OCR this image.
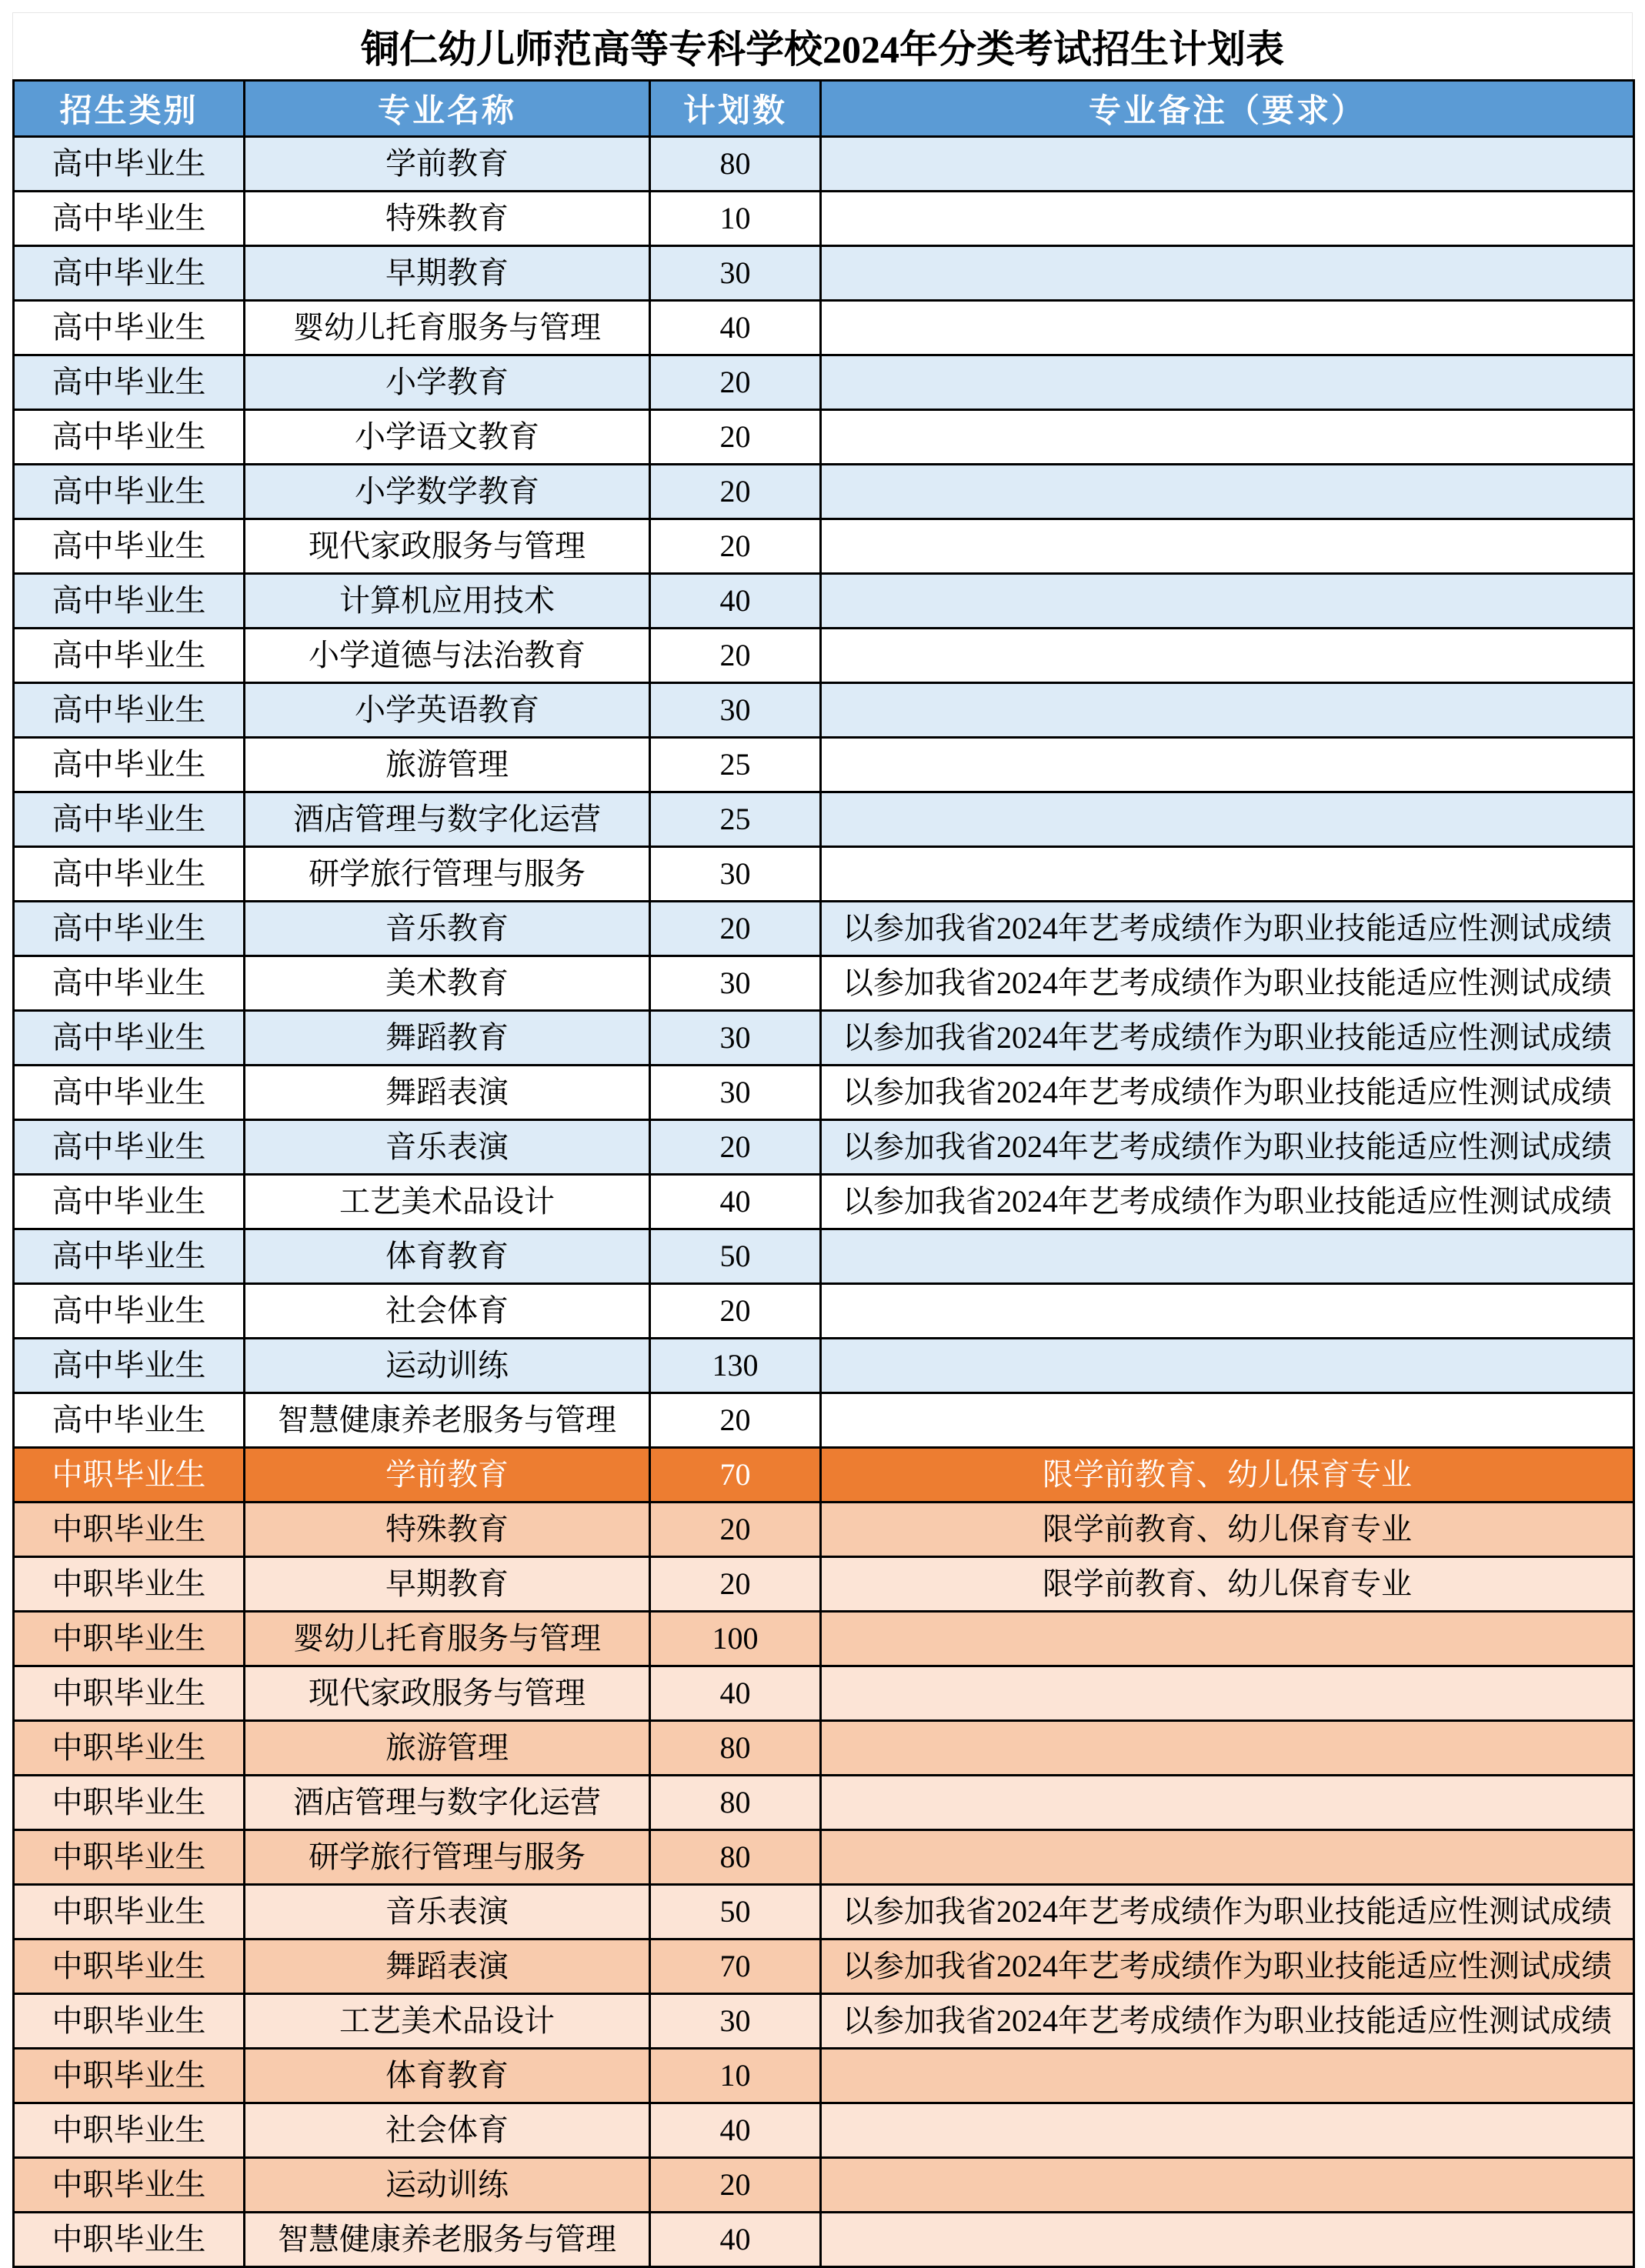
铜仁幼儿师范高等专科学校2024年分类考试招生计划表
招生类别	专业名称	计划数	专业备注（要求）
高中毕业生	学前教育	80	
高中毕业生	特殊教育	10	
高中毕业生	早期教育	30	
高中毕业生	婴幼儿托育服务与管理	40	
高中毕业生	小学教育	20	
高中毕业生	小学语文教育	20	
高中毕业生	小学数学教育	20	
高中毕业生	现代家政服务与管理	20	
高中毕业生	计算机应用技术	40	
高中毕业生	小学道德与法治教育	20	
高中毕业生	小学英语教育	30	
高中毕业生	旅游管理	25	
高中毕业生	酒店管理与数字化运营	25	
高中毕业生	研学旅行管理与服务	30	
高中毕业生	音乐教育	20	以参加我省2024年艺考成绩作为职业技能适应性测试成绩
高中毕业生	美术教育	30	以参加我省2024年艺考成绩作为职业技能适应性测试成绩
高中毕业生	舞蹈教育	30	以参加我省2024年艺考成绩作为职业技能适应性测试成绩
高中毕业生	舞蹈表演	30	以参加我省2024年艺考成绩作为职业技能适应性测试成绩
高中毕业生	音乐表演	20	以参加我省2024年艺考成绩作为职业技能适应性测试成绩
高中毕业生	工艺美术品设计	40	以参加我省2024年艺考成绩作为职业技能适应性测试成绩
高中毕业生	体育教育	50	
高中毕业生	社会体育	20	
高中毕业生	运动训练	130	
高中毕业生	智慧健康养老服务与管理	20	
中职毕业生	学前教育	70	限学前教育、幼儿保育专业
中职毕业生	特殊教育	20	限学前教育、幼儿保育专业
中职毕业生	早期教育	20	限学前教育、幼儿保育专业
中职毕业生	婴幼儿托育服务与管理	100	
中职毕业生	现代家政服务与管理	40	
中职毕业生	旅游管理	80	
中职毕业生	酒店管理与数字化运营	80	
中职毕业生	研学旅行管理与服务	80	
中职毕业生	音乐表演	50	以参加我省2024年艺考成绩作为职业技能适应性测试成绩
中职毕业生	舞蹈表演	70	以参加我省2024年艺考成绩作为职业技能适应性测试成绩
中职毕业生	工艺美术品设计	30	以参加我省2024年艺考成绩作为职业技能适应性测试成绩
中职毕业生	体育教育	10	
中职毕业生	社会体育	40	
中职毕业生	运动训练	20	
中职毕业生	智慧健康养老服务与管理	40	
